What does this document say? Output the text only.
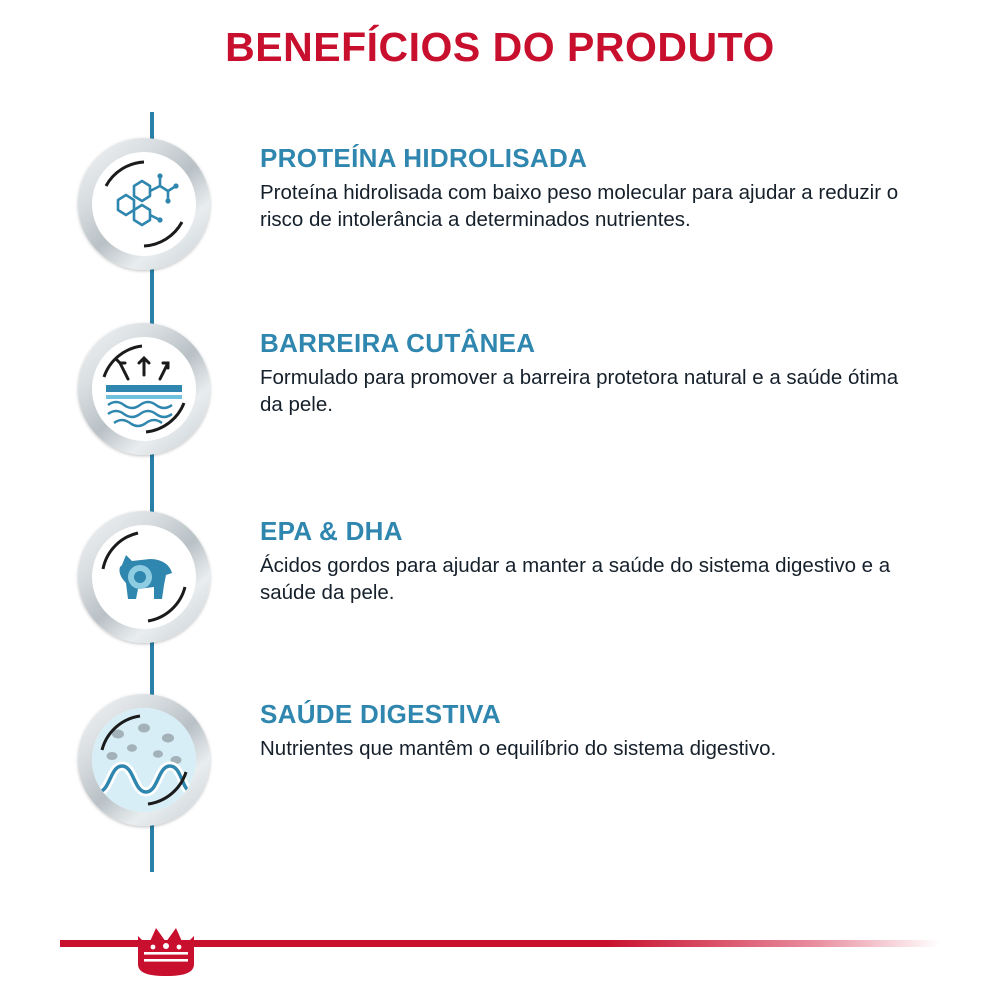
BENEFÍCIOS DO PRODUTO

PROTEÍNA HIDROLISADA

Proteína hidrolisada com baixo peso molecular para ajudar a reduzir o risco de intolerância a determinados nutrientes.

BARREIRA CUTÂNEA

Formulado para promover a barreira protetora natural e a saúde ótima da pele.

EPA & DHA

Ácidos gordos para ajudar a manter a saúde do sistema digestivo e a saúde da pele.

SAÚDE DIGESTIVA

Nutrientes que mantêm o equilíbrio do sistema digestivo.
